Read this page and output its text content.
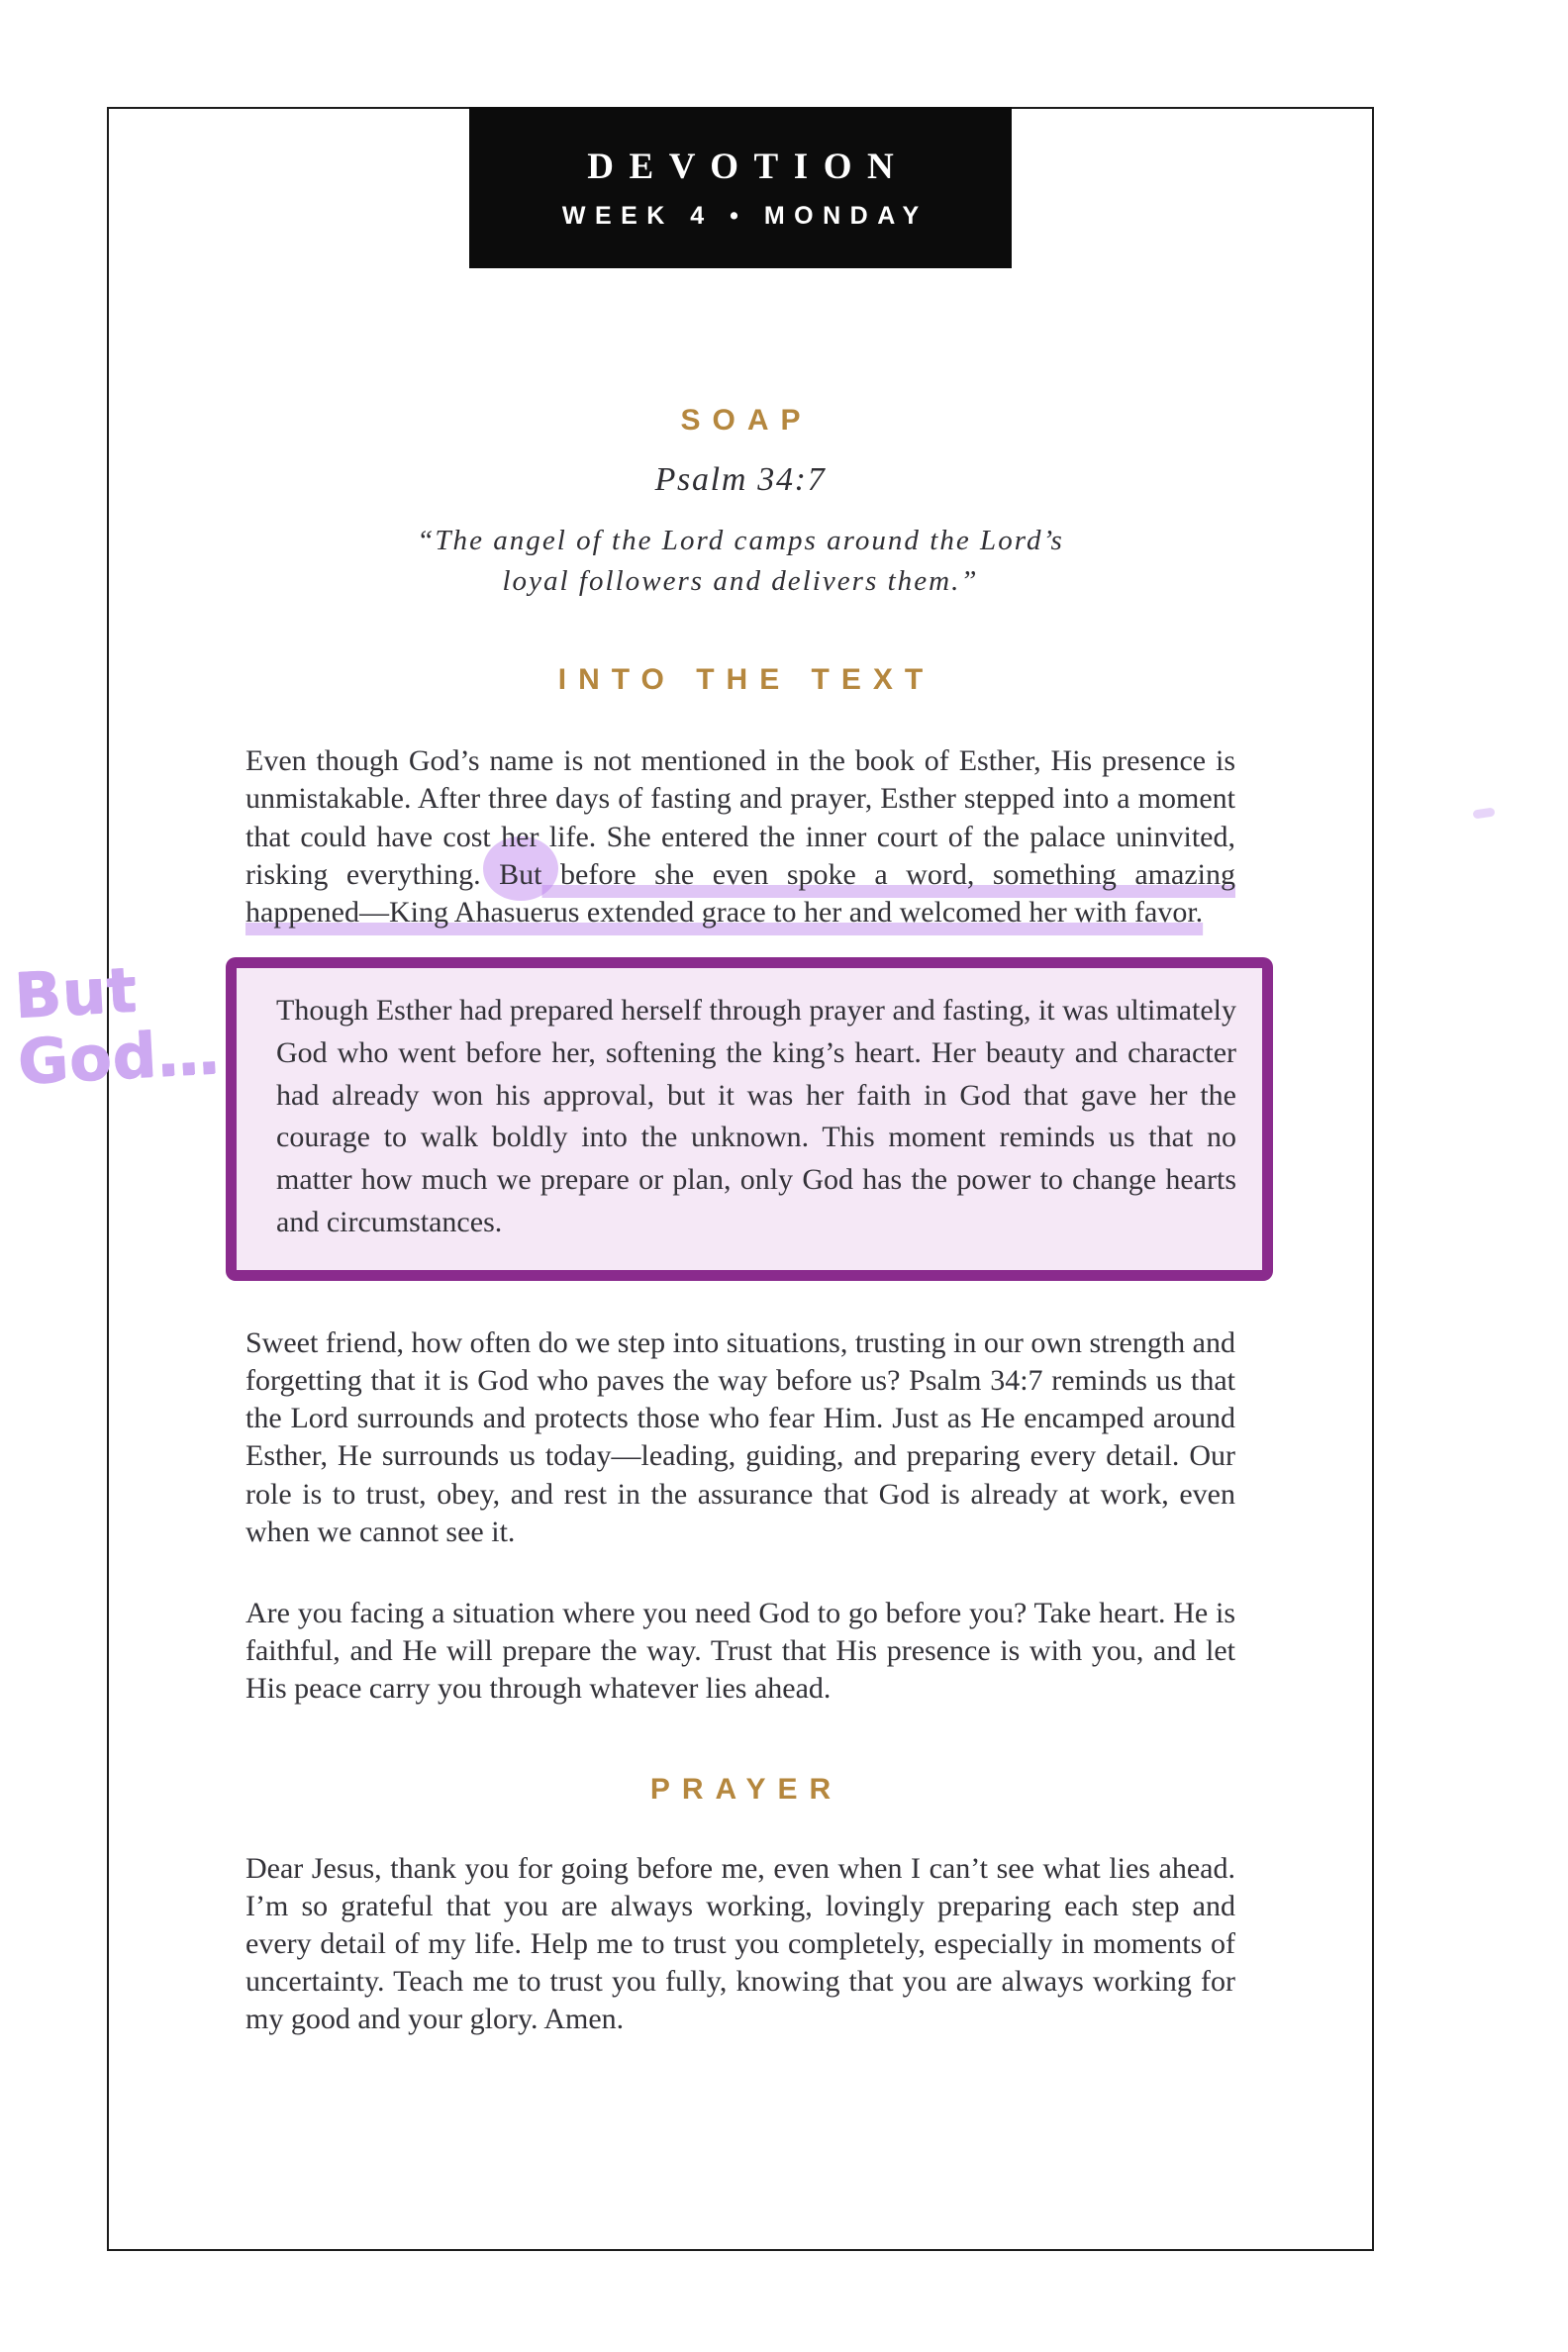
DEVOTION
WEEK 4 • MONDAY
SOAP
Psalm 34:7
“The angel of the Lord camps around the Lord’s
loyal followers and delivers them.”
INTO THE TEXT

Even though God’s name is not mentioned in the book of Esther, His presence is unmistakable. After three days of fasting and prayer, Esther stepped into a moment that could have cost her life. She entered the inner court of the palace uninvited, risking everything. But before she even spoke a word, something amazing happened—King Ahasuerus extended grace to her and welcomed her with favor.

Though Esther had prepared herself through prayer and fasting, it was ultimately God who went before her, softening the king’s heart. Her beauty and character had already won his approval, but it was her faith in God that gave her the courage to walk boldly into the unknown. This moment reminds us that no matter how much we prepare or plan, only God has the power to change hearts and circumstances.

Sweet friend, how often do we step into situations, trusting in our own strength and forgetting that it is God who paves the way before us? Psalm 34:7 reminds us that the Lord surrounds and protects those who fear Him. Just as He encamped around Esther, He surrounds us today—leading, guiding, and preparing every detail. Our role is to trust, obey, and rest in the assurance that God is already at work, even when we cannot see it.

Are you facing a situation where you need God to go before you? Take heart. He is faithful, and He will prepare the way. Trust that His presence is with you, and let His peace carry you through whatever lies ahead.

PRAYER

Dear Jesus, thank you for going before me, even when I can’t see what lies ahead. I’m so grateful that you are always working, lovingly preparing each step and every detail of my life. Help me to trust you completely, especially in moments of uncertainty. Teach me to trust you fully, knowing that you are always working for my good and your glory. Amen.

But
God…
